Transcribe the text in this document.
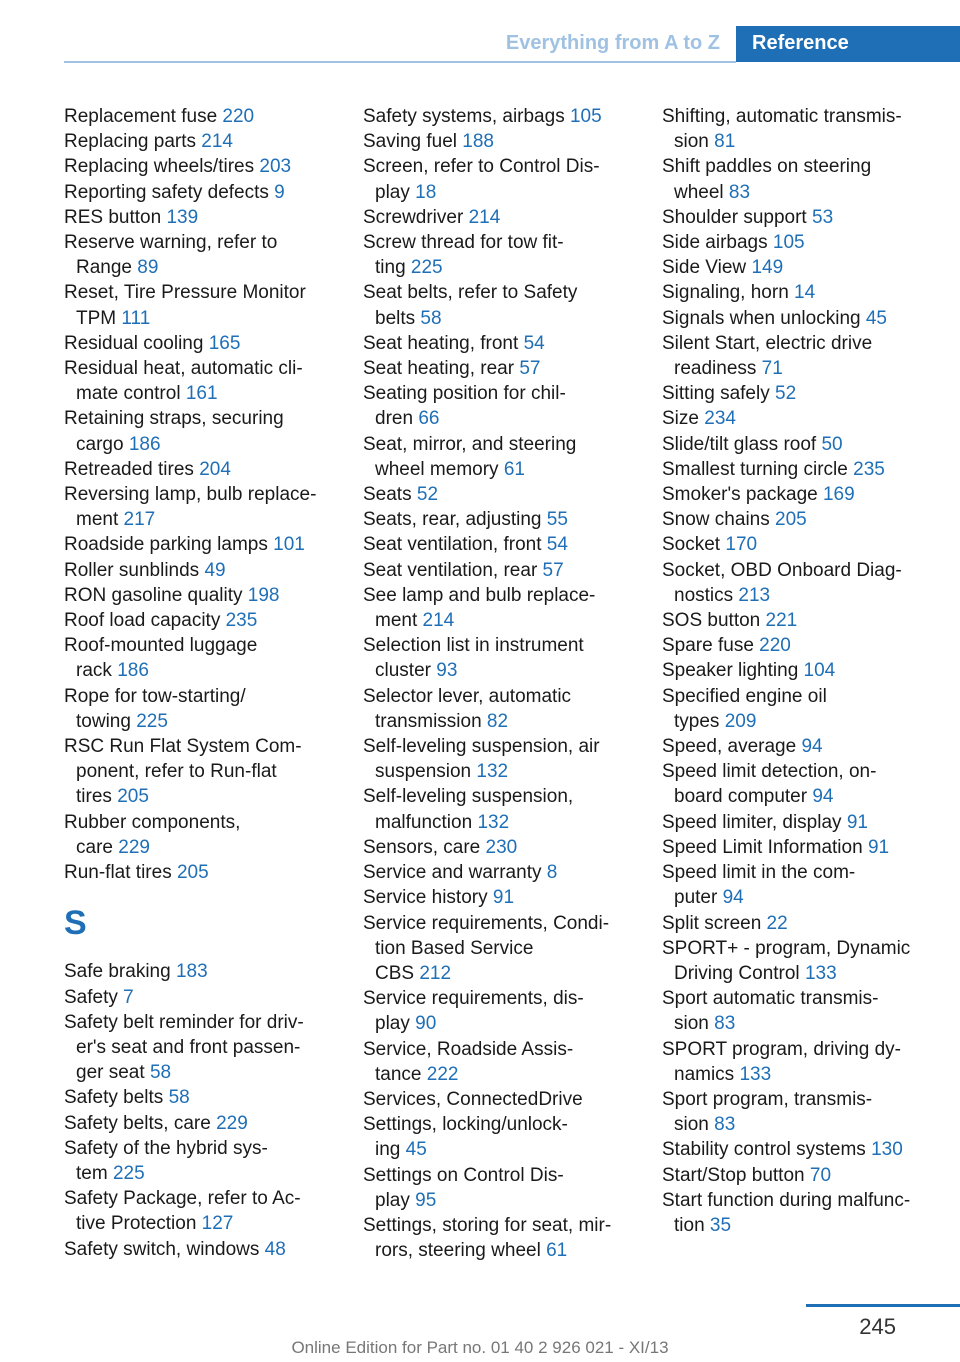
Everything from A to Z	Reference
Replacement fuse 220
Replacing parts 214
Replacing wheels/tires 203
Reporting safety defects 9
RES button 139
Reserve warning, refer to
Range 89
Reset, Tire Pressure Monitor
TPM 111
Residual cooling 165
Residual heat, automatic cli-
mate control 161
Retaining straps, securing
cargo 186
Retreaded tires 204
Reversing lamp, bulb replace-
ment 217
Roadside parking lamps 101
Roller sunblinds 49
RON gasoline quality 198
Roof load capacity 235
Roof-mounted luggage
rack 186
Rope for tow-starting/
towing 225
RSC Run Flat System Com-
ponent, refer to Run-flat
tires 205
Rubber components,
care 229
Run-flat tires 205
S
Safe braking 183
Safety 7
Safety belt reminder for driv-
er's seat and front passen-
ger seat 58
Safety belts 58
Safety belts, care 229
Safety of the hybrid sys-
tem 225
Safety Package, refer to Ac-
tive Protection 127
Safety switch, windows 48
Safety systems, airbags 105
Saving fuel 188
Screen, refer to Control Dis-
play 18
Screwdriver 214
Screw thread for tow fit-
ting 225
Seat belts, refer to Safety
belts 58
Seat heating, front 54
Seat heating, rear 57
Seating position for chil-
dren 66
Seat, mirror, and steering
wheel memory 61
Seats 52
Seats, rear, adjusting 55
Seat ventilation, front 54
Seat ventilation, rear 57
See lamp and bulb replace-
ment 214
Selection list in instrument
cluster 93
Selector lever, automatic
transmission 82
Self-leveling suspension, air
suspension 132
Self-leveling suspension,
malfunction 132
Sensors, care 230
Service and warranty 8
Service history 91
Service requirements, Condi-
tion Based Service
CBS 212
Service requirements, dis-
play 90
Service, Roadside Assis-
tance 222
Services, ConnectedDrive
Settings, locking/unlock-
ing 45
Settings on Control Dis-
play 95
Settings, storing for seat, mir-
rors, steering wheel 61
Shifting, automatic transmis-
sion 81
Shift paddles on steering
wheel 83
Shoulder support 53
Side airbags 105
Side View 149
Signaling, horn 14
Signals when unlocking 45
Silent Start, electric drive
readiness 71
Sitting safely 52
Size 234
Slide/tilt glass roof 50
Smallest turning circle 235
Smoker's package 169
Snow chains 205
Socket 170
Socket, OBD Onboard Diag-
nostics 213
SOS button 221
Spare fuse 220
Speaker lighting 104
Specified engine oil
types 209
Speed, average 94
Speed limit detection, on-
board computer 94
Speed limiter, display 91
Speed Limit Information 91
Speed limit in the com-
puter 94
Split screen 22
SPORT+ - program, Dynamic
Driving Control 133
Sport automatic transmis-
sion 83
SPORT program, driving dy-
namics 133
Sport program, transmis-
sion 83
Stability control systems 130
Start/Stop button 70
Start function during malfunc-
tion 35
245
Online Edition for Part no. 01 40 2 926 021 - XI/13
